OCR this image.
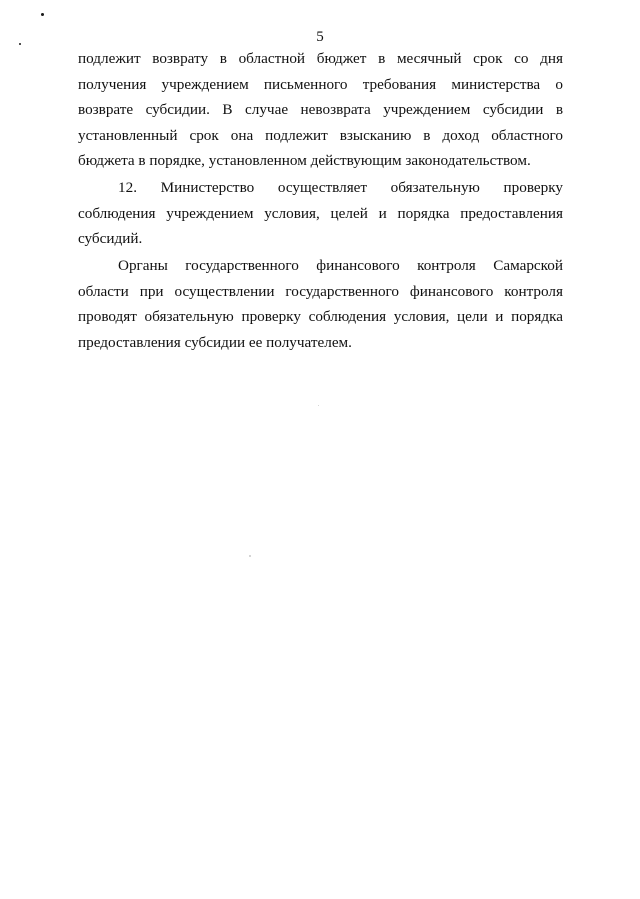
5

подлежит возврату в областной бюджет в месячный срок со дня получения учреждением письменного требования министерства о возврате субсидии. В случае невозврата учреждением субсидии в установленный срок она подлежит взысканию в доход областного бюджета в порядке, установленном действующим законодательством.

12. Министерство осуществляет обязательную проверку соблюдения учреждением условия, целей и порядка предоставления субсидий.

Органы государственного финансового контроля Самарской области при осуществлении государственного финансового контроля проводят обязательную проверку соблюдения условия, цели и порядка предоставления субсидии ее получателем.
